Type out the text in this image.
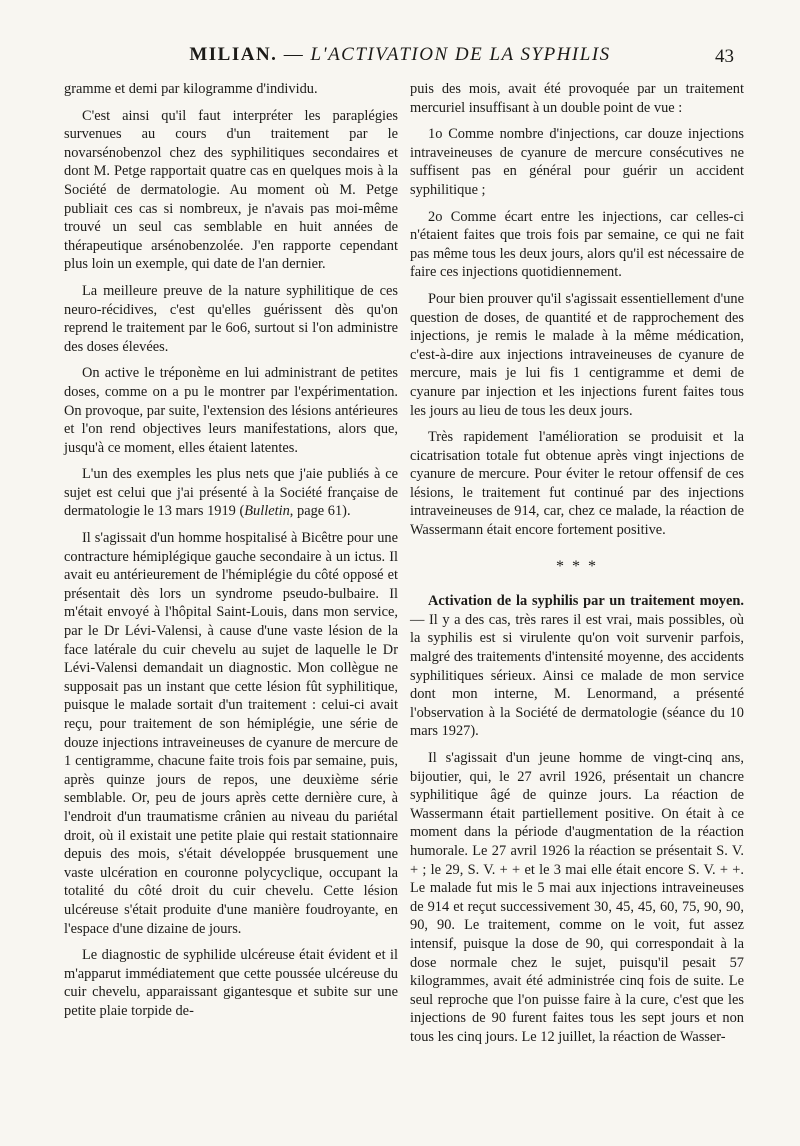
MILIAN. — L'ACTIVATION DE LA SYPHILIS	43

gramme et demi par kilogramme d'individu.

C'est ainsi qu'il faut interpréter les paraplégies survenues au cours d'un traitement par le novarsénobenzol chez des syphilitiques secondaires et dont M. Petge rapportait quatre cas en quelques mois à la Société de dermatologie. Au moment où M. Petge publiait ces cas si nombreux, je n'avais pas moi-même trouvé un seul cas semblable en huit années de thérapeutique arsénobenzolée. J'en rapporte cependant plus loin un exemple, qui date de l'an dernier.

La meilleure preuve de la nature syphilitique de ces neuro-récidives, c'est qu'elles guérissent dès qu'on reprend le traitement par le 6o6, surtout si l'on administre des doses élevées.

On active le tréponème en lui administrant de petites doses, comme on a pu le montrer par l'expérimentation. On provoque, par suite, l'extension des lésions antérieures et l'on rend objectives leurs manifestations, alors que, jusqu'à ce moment, elles étaient latentes.

L'un des exemples les plus nets que j'aie publiés à ce sujet est celui que j'ai présenté à la Société française de dermatologie le 13 mars 1919 (Bulletin, page 61).

Il s'agissait d'un homme hospitalisé à Bicêtre pour une contracture hémiplégique gauche secondaire à un ictus. Il avait eu antérieurement de l'hémiplégie du côté opposé et présentait dès lors un syndrome pseudo-bulbaire. Il m'était envoyé à l'hôpital Saint-Louis, dans mon service, par le Dr Lévi-Valensi, à cause d'une vaste lésion de la face latérale du cuir chevelu au sujet de laquelle le Dr Lévi-Valensi demandait un diagnostic. Mon collègue ne supposait pas un instant que cette lésion fût syphilitique, puisque le malade sortait d'un traitement : celui-ci avait reçu, pour traitement de son hémiplégie, une série de douze injections intraveineuses de cyanure de mercure de 1 centigramme, chacune faite trois fois par semaine, puis, après quinze jours de repos, une deuxième série semblable. Or, peu de jours après cette dernière cure, à l'endroit d'un traumatisme crânien au niveau du pariétal droit, où il existait une petite plaie qui restait stationnaire depuis des mois, s'était développée brusquement une vaste ulcération en couronne polycyclique, occupant la totalité du côté droit du cuir chevelu. Cette lésion ulcéreuse s'était produite d'une manière foudroyante, en l'espace d'une dizaine de jours.

Le diagnostic de syphilide ulcéreuse était évident et il m'apparut immédiatement que cette poussée ulcéreuse du cuir chevelu, apparaissant gigantesque et subite sur une petite plaie torpide de-

puis des mois, avait été provoquée par un traitement mercuriel insuffisant à un double point de vue :

1o Comme nombre d'injections, car douze injections intraveineuses de cyanure de mercure consécutives ne suffisent pas en général pour guérir un accident syphilitique ;

2o Comme écart entre les injections, car celles-ci n'étaient faites que trois fois par semaine, ce qui ne fait pas même tous les deux jours, alors qu'il est nécessaire de faire ces injections quotidiennement.

Pour bien prouver qu'il s'agissait essentiellement d'une question de doses, de quantité et de rapprochement des injections, je remis le malade à la même médication, c'est-à-dire aux injections intraveineuses de cyanure de mercure, mais je lui fis 1 centigramme et demi de cyanure par injection et les injections furent faites tous les jours au lieu de tous les deux jours.

Très rapidement l'amélioration se produisit et la cicatrisation totale fut obtenue après vingt injections de cyanure de mercure. Pour éviter le retour offensif de ces lésions, le traitement fut continué par des injections intraveineuses de 914, car, chez ce malade, la réaction de Wassermann était encore fortement positive.

* * *

Activation de la syphilis par un traitement moyen. — Il y a des cas, très rares il est vrai, mais possibles, où la syphilis est si virulente qu'on voit survenir parfois, malgré des traitements d'intensité moyenne, des accidents syphilitiques sérieux. Ainsi ce malade de mon service dont mon interne, M. Lenormand, a présenté l'observation à la Société de dermatologie (séance du 10 mars 1927).

Il s'agissait d'un jeune homme de vingt-cinq ans, bijoutier, qui, le 27 avril 1926, présentait un chancre syphilitique âgé de quinze jours. La réaction de Wassermann était partiellement positive. On était à ce moment dans la période d'augmentation de la réaction humorale. Le 27 avril 1926 la réaction se présentait S. V. + ; le 29, S. V. + + et le 3 mai elle était encore S. V. + +. Le malade fut mis le 5 mai aux injections intraveineuses de 914 et reçut successivement 30, 45, 45, 60, 75, 90, 90, 90, 90. Le traitement, comme on le voit, fut assez intensif, puisque la dose de 90, qui correspondait à la dose normale chez le sujet, puisqu'il pesait 57 kilogrammes, avait été administrée cinq fois de suite. Le seul reproche que l'on puisse faire à la cure, c'est que les injections de 90 furent faites tous les sept jours et non tous les cinq jours. Le 12 juillet, la réaction de Wasser-
